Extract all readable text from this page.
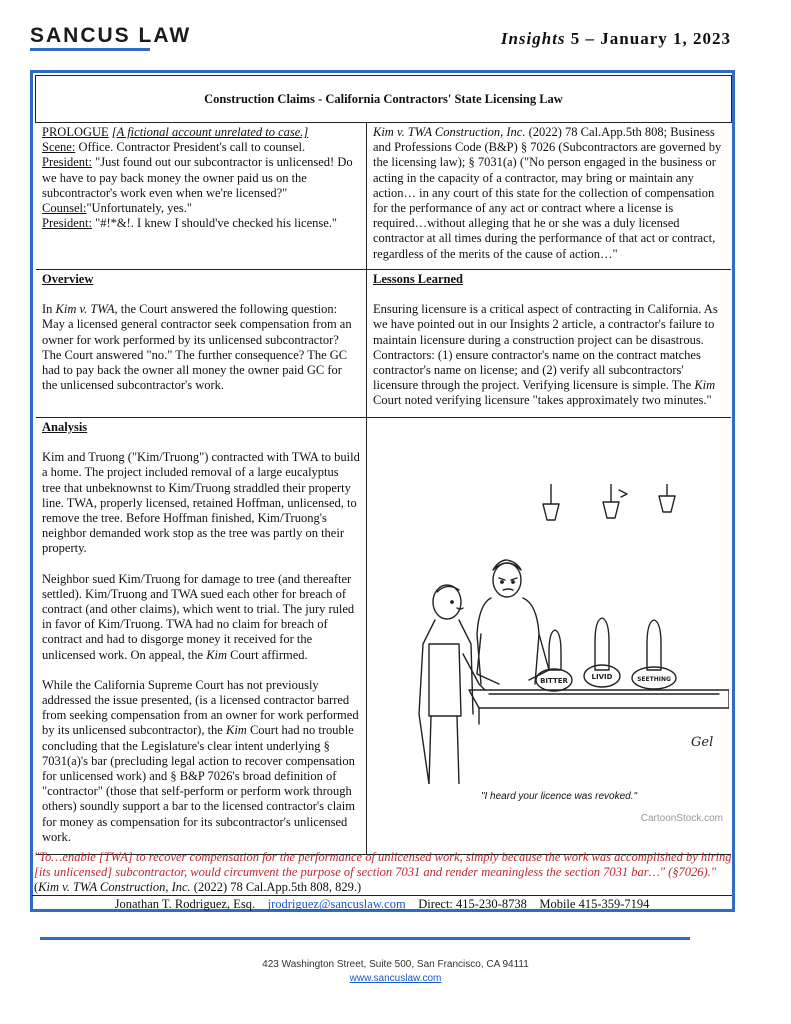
SANCUS LAW	Insights 5 – January 1, 2023
Construction Claims - California Contractors' State Licensing Law
PROLOGUE [A fictional account unrelated to case.]
Scene: Office. Contractor President's call to counsel.
President: "Just found out our subcontractor is unlicensed! Do we have to pay back money the owner paid us on the subcontractor's work even when we're licensed?"
Counsel:"Unfortunately, yes."
President: "#!*&!. I knew I should've checked his license."
Kim v. TWA Construction, Inc. (2022) 78 Cal.App.5th 808; Business and Professions Code (B&P) § 7026 (Subcontractors are governed by the licensing law); § 7031(a) ("No person engaged in the business or acting in the capacity of a contractor, may bring or maintain any action… in any court of this state for the collection of compensation for the performance of any act or contract where a license is required…without alleging that he or she was a duly licensed contractor at all times during the performance of that act or contract, regardless of the merits of the cause of action…"
Overview

In Kim v. TWA, the Court answered the following question: May a licensed general contractor seek compensation from an owner for work performed by its unlicensed subcontractor? The Court answered "no." The further consequence? The GC had to pay back the owner all money the owner paid GC for the unlicensed subcontractor's work.

Lessons Learned

Ensuring licensure is a critical aspect of contracting in California. As we have pointed out in our Insights 2 article, a contractor's failure to maintain licensure during a construction project can be disastrous. Contractors: (1) ensure contractor's name on the contract matches contractor's name on license; and (2) verify all subcontractors' licensure through the project. Verifying licensure is simple. The Kim Court noted verifying licensure "takes approximately two minutes."

Analysis

Kim and Truong ("Kim/Truong") contracted with TWA to build a home. The project included removal of a large eucalyptus tree that unbeknownst to Kim/Truong straddled their property line. TWA, properly licensed, retained Hoffman, unlicensed, to remove the tree. Before Hoffman finished, Kim/Truong's neighbor demanded work stop as the tree was partly on their property.

Neighbor sued Kim/Truong for damage to tree (and thereafter settled). Kim/Truong and TWA sued each other for breach of contract (and other claims), which went to trial. The jury ruled in favor of Kim/Truong. TWA had no claim for breach of contract and had to disgorge money it received for the unlicensed work. On appeal, the Kim Court affirmed.

While the California Supreme Court has not previously addressed the issue presented, (is a licensed contractor barred from seeking compensation from an owner for work performed by its unlicensed subcontractor), the Kim Court had no trouble concluding that the Legislature's clear intent underlying § 7031(a)'s bar (precluding legal action to recover compensation for unlicensed work) and § B&P 7026's broad definition of "contractor" (those that self-perform or perform work through others) soundly support a bar to the licensed contractor's claim for money as compensation for its subcontractor's unlicensed work.

BITTER	LIVID	SEETHING
Gel
"I heard your licence was revoked."
CartoonStock.com
"To…enable [TWA] to recover compensation for the performance of unlicensed work, simply because the work was accomplished by hiring [its unlicensed] subcontractor, would circumvent the purpose of section 7031 and render meaningless the section 7031 bar…" (§7026)." (Kim v. TWA Construction, Inc. (2022) 78 Cal.App.5th 808, 829.)
Jonathan T. Rodriguez, Esq. jrodriguez@sancuslaw.com Direct: 415-230-8738 Mobile 415-359-7194
423 Washington Street, Suite 500, San Francisco, CA 94111
www.sancuslaw.com
